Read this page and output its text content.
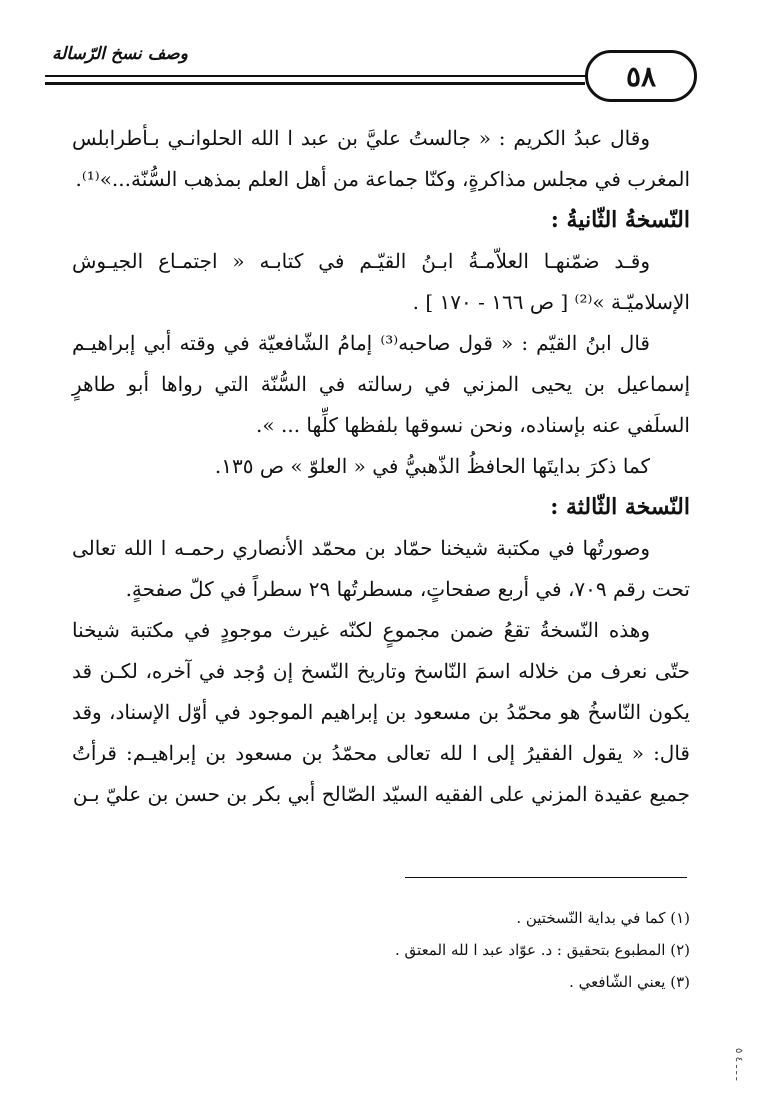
وصف نسخ الرّسالة
٥٨

وقال عبدُ الكريم : « جالستُ عليَّ بن عبد ا الله الحلوانـي بـأطرابلس المغرب في مجلس مذاكرةٍ، وكنّا جماعة من أهل العلم بمذهب السُّنّة...»⁽¹⁾.

النّسخةُ الثّانيةُ :

وقـد ضمّنهـا العلاّمـةُ ابـنُ القيّـم في كتابـه « اجتمـاع الجيـوش الإسلاميّـة »⁽²⁾ [ ص ١٦٦ - ١٧٠ ] .

قال ابنُ القيّم : « قول صاحبه⁽³⁾ إمامُ الشّافعيّة في وقته أبي إبراهيـم إسماعيل بن يحيى المزني في رسالته في السُّنّة التي رواها أبو طاهرٍ السلَفي عنه بإسناده، ونحن نسوقها بلفظها كلِّها ... ».

كما ذكرَ بدايتَها الحافظُ الذّهبيُّ في « العلوّ » ص ١٣٥.

النّسخة الثّالثة :

وصورتُها في مكتبة شيخنا حمّاد بن محمّد الأنصاري رحمـه ا الله تعالى تحت رقم ٧٠٩، في أربع صفحاتٍ، مسطرتُها ٢٩ سطراً في كلّ صفحةٍ.

وهذه النّسخةُ تقعُ ضمن مجموعٍ لكنّه غيرث موجودٍ في مكتبة شيخنا حتّى نعرف من خلاله اسمَ النّاسخ وتاريخ النّسخ إن وُجد في آخره، لكـن قد يكون النّاسخُ هو محمّدُ بن مسعود بن إبراهيم الموجود في أوّل الإسناد، وقد قال: « يقول الفقيرُ إلى ا لله تعالى محمّدُ بن مسعود بن إبراهيـم: قرأتُ جميع عقيدة المزني على الفقيه السيّد الصّالح أبي بكر بن حسن بن عليّ بـن

(١) كما في بداية النّسختين .

(٢) المطبوع بتحقيق : د. عوّاد عبد ا لله المعتق .

(٣) يعني الشّافعي .

ـ ـ ـ ٤ ٥
